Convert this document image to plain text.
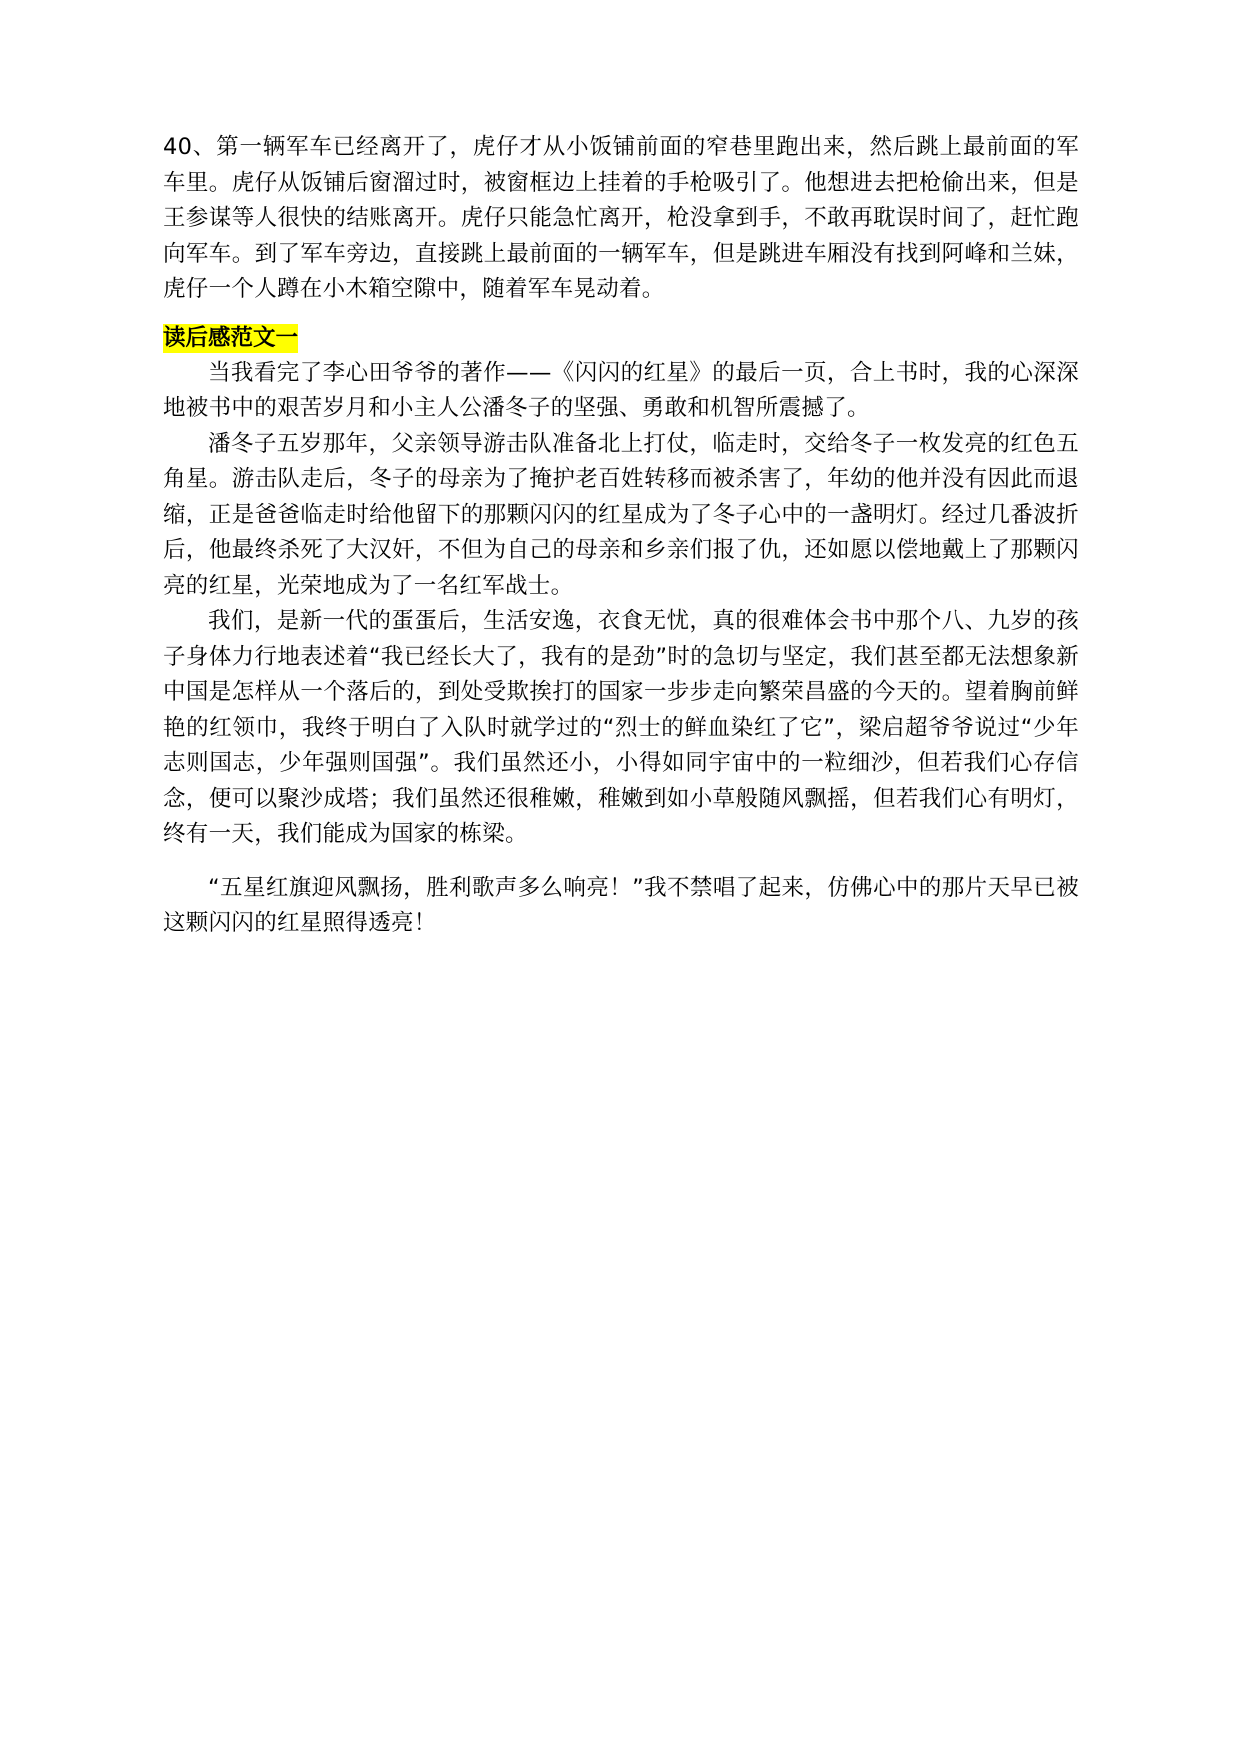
40、第一辆军车已经离开了，虎仔才从小饭铺前面的窄巷里跑出来，然后跳上最前面的军车里。虎仔从饭铺后窗溜过时，被窗框边上挂着的手枪吸引了。他想进去把枪偷出来，但是王参谋等人很快的结账离开。虎仔只能急忙离开，枪没拿到手，不敢再耽误时间了，赶忙跑向军车。到了军车旁边，直接跳上最前面的一辆军车，但是跳进车厢没有找到阿峰和兰妹，虎仔一个人蹲在小木箱空隙中，随着军车晃动着。

读后感范文一

当我看完了李心田爷爷的著作——《闪闪的红星》的最后一页，合上书时，我的心深深地被书中的艰苦岁月和小主人公潘冬子的坚强、勇敢和机智所震撼了。

潘冬子五岁那年，父亲领导游击队准备北上打仗，临走时，交给冬子一枚发亮的红色五角星。游击队走后，冬子的母亲为了掩护老百姓转移而被杀害了，年幼的他并没有因此而退缩，正是爸爸临走时给他留下的那颗闪闪的红星成为了冬子心中的一盏明灯。经过几番波折后，他最终杀死了大汉奸，不但为自己的母亲和乡亲们报了仇，还如愿以偿地戴上了那颗闪亮的红星，光荣地成为了一名红军战士。

我们，是新一代的蛋蛋后，生活安逸，衣食无忧，真的很难体会书中那个八、九岁的孩子身体力行地表述着“我已经长大了，我有的是劲”时的急切与坚定，我们甚至都无法想象新中国是怎样从一个落后的，到处受欺挨打的国家一步步走向繁荣昌盛的今天的。望着胸前鲜艳的红领巾，我终于明白了入队时就学过的“烈士的鲜血染红了它”，梁启超爷爷说过“少年志则国志，少年强则国强”。我们虽然还小，小得如同宇宙中的一粒细沙，但若我们心存信念，便可以聚沙成塔；我们虽然还很稚嫩，稚嫩到如小草般随风飘摇，但若我们心有明灯，终有一天，我们能成为国家的栋梁。

“五星红旗迎风飘扬，胜利歌声多么响亮！”我不禁唱了起来，仿佛心中的那片天早已被这颗闪闪的红星照得透亮！
